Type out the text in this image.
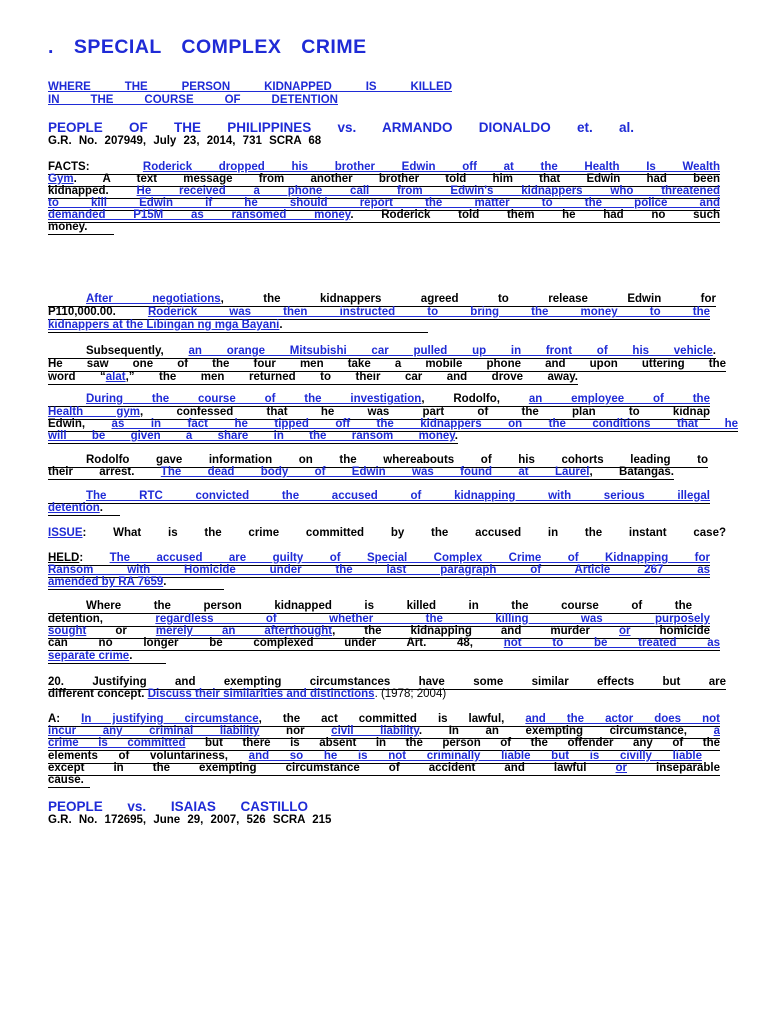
. SPECIAL COMPLEX CRIME
WHERE THE PERSON KIDNAPPED IS KILLED
IN THE COURSE OF DETENTION
PEOPLE OF THE PHILIPPINES vs. ARMANDO DIONALDO et. al.
G.R. No. 207949, July 23, 2014, 731 SCRA 68
FACTS:	Roderick dropped his brother Edwin off at the Health Is Wealth
Gym. A text message from another brother told him that Edwin had been
kidnapped. He received a phone call from Edwin's kidnappers who threatened
to kill Edwin if he should report the matter to the police and
demanded P15M as ransomed money. Roderick told them he had no such
money.
After negotiations, the kidnappers agreed to release Edwin for
P110,000.00. Roderick was then instructed to bring the money to the
kidnappers at the Libingan ng mga Bayani.
Subsequently, an orange Mitsubishi car pulled up in front of his vehicle.
He saw one of the four men take a mobile phone and upon uttering the
word “alat,” the men returned to their car and drove away.
During the course of the investigation, Rodolfo, an employee of the
Health gym, confessed that he was part of the plan to kidnap
Edwin, as in fact he tipped off the kidnappers on the conditions that he
will be given a share in the ransom money.
Rodolfo gave information on the whereabouts of his cohorts leading to
their arrest. The dead body of Edwin was found at Laurel, Batangas.
The RTC convicted the accused of kidnapping with serious illegal
detention.
ISSUE: What is the crime committed by the accused in the instant case?
HELD: The accused are guilty of Special Complex Crime of Kidnapping for
Ransom with Homicide under the last paragraph of Article 267 as
amended by RA 7659.
Where the person kidnapped is killed in the course of the
detention, regardless of whether the killing was purposely
sought or merely an afterthought, the kidnapping and murder or homicide
can no longer be complexed under Art. 48, not to be treated as
separate crime.
20. Justifying and exempting circumstances have some similar effects but are
different concept. Discuss their similarities and distinctions. (1978; 2004)
A: In justifying circumstance, the act committed is lawful, and the actor does not
incur any criminal liability nor civil liability. In an exempting circumstance, a
crime is committed but there is absent in the person of the offender any of the
elements of voluntariness, and so he is not criminally liable but is civilly liable
except in the exempting circumstance of accident and lawful or inseparable
cause.
PEOPLE vs. ISAIAS CASTILLO
G.R. No. 172695, June 29, 2007, 526 SCRA 215
